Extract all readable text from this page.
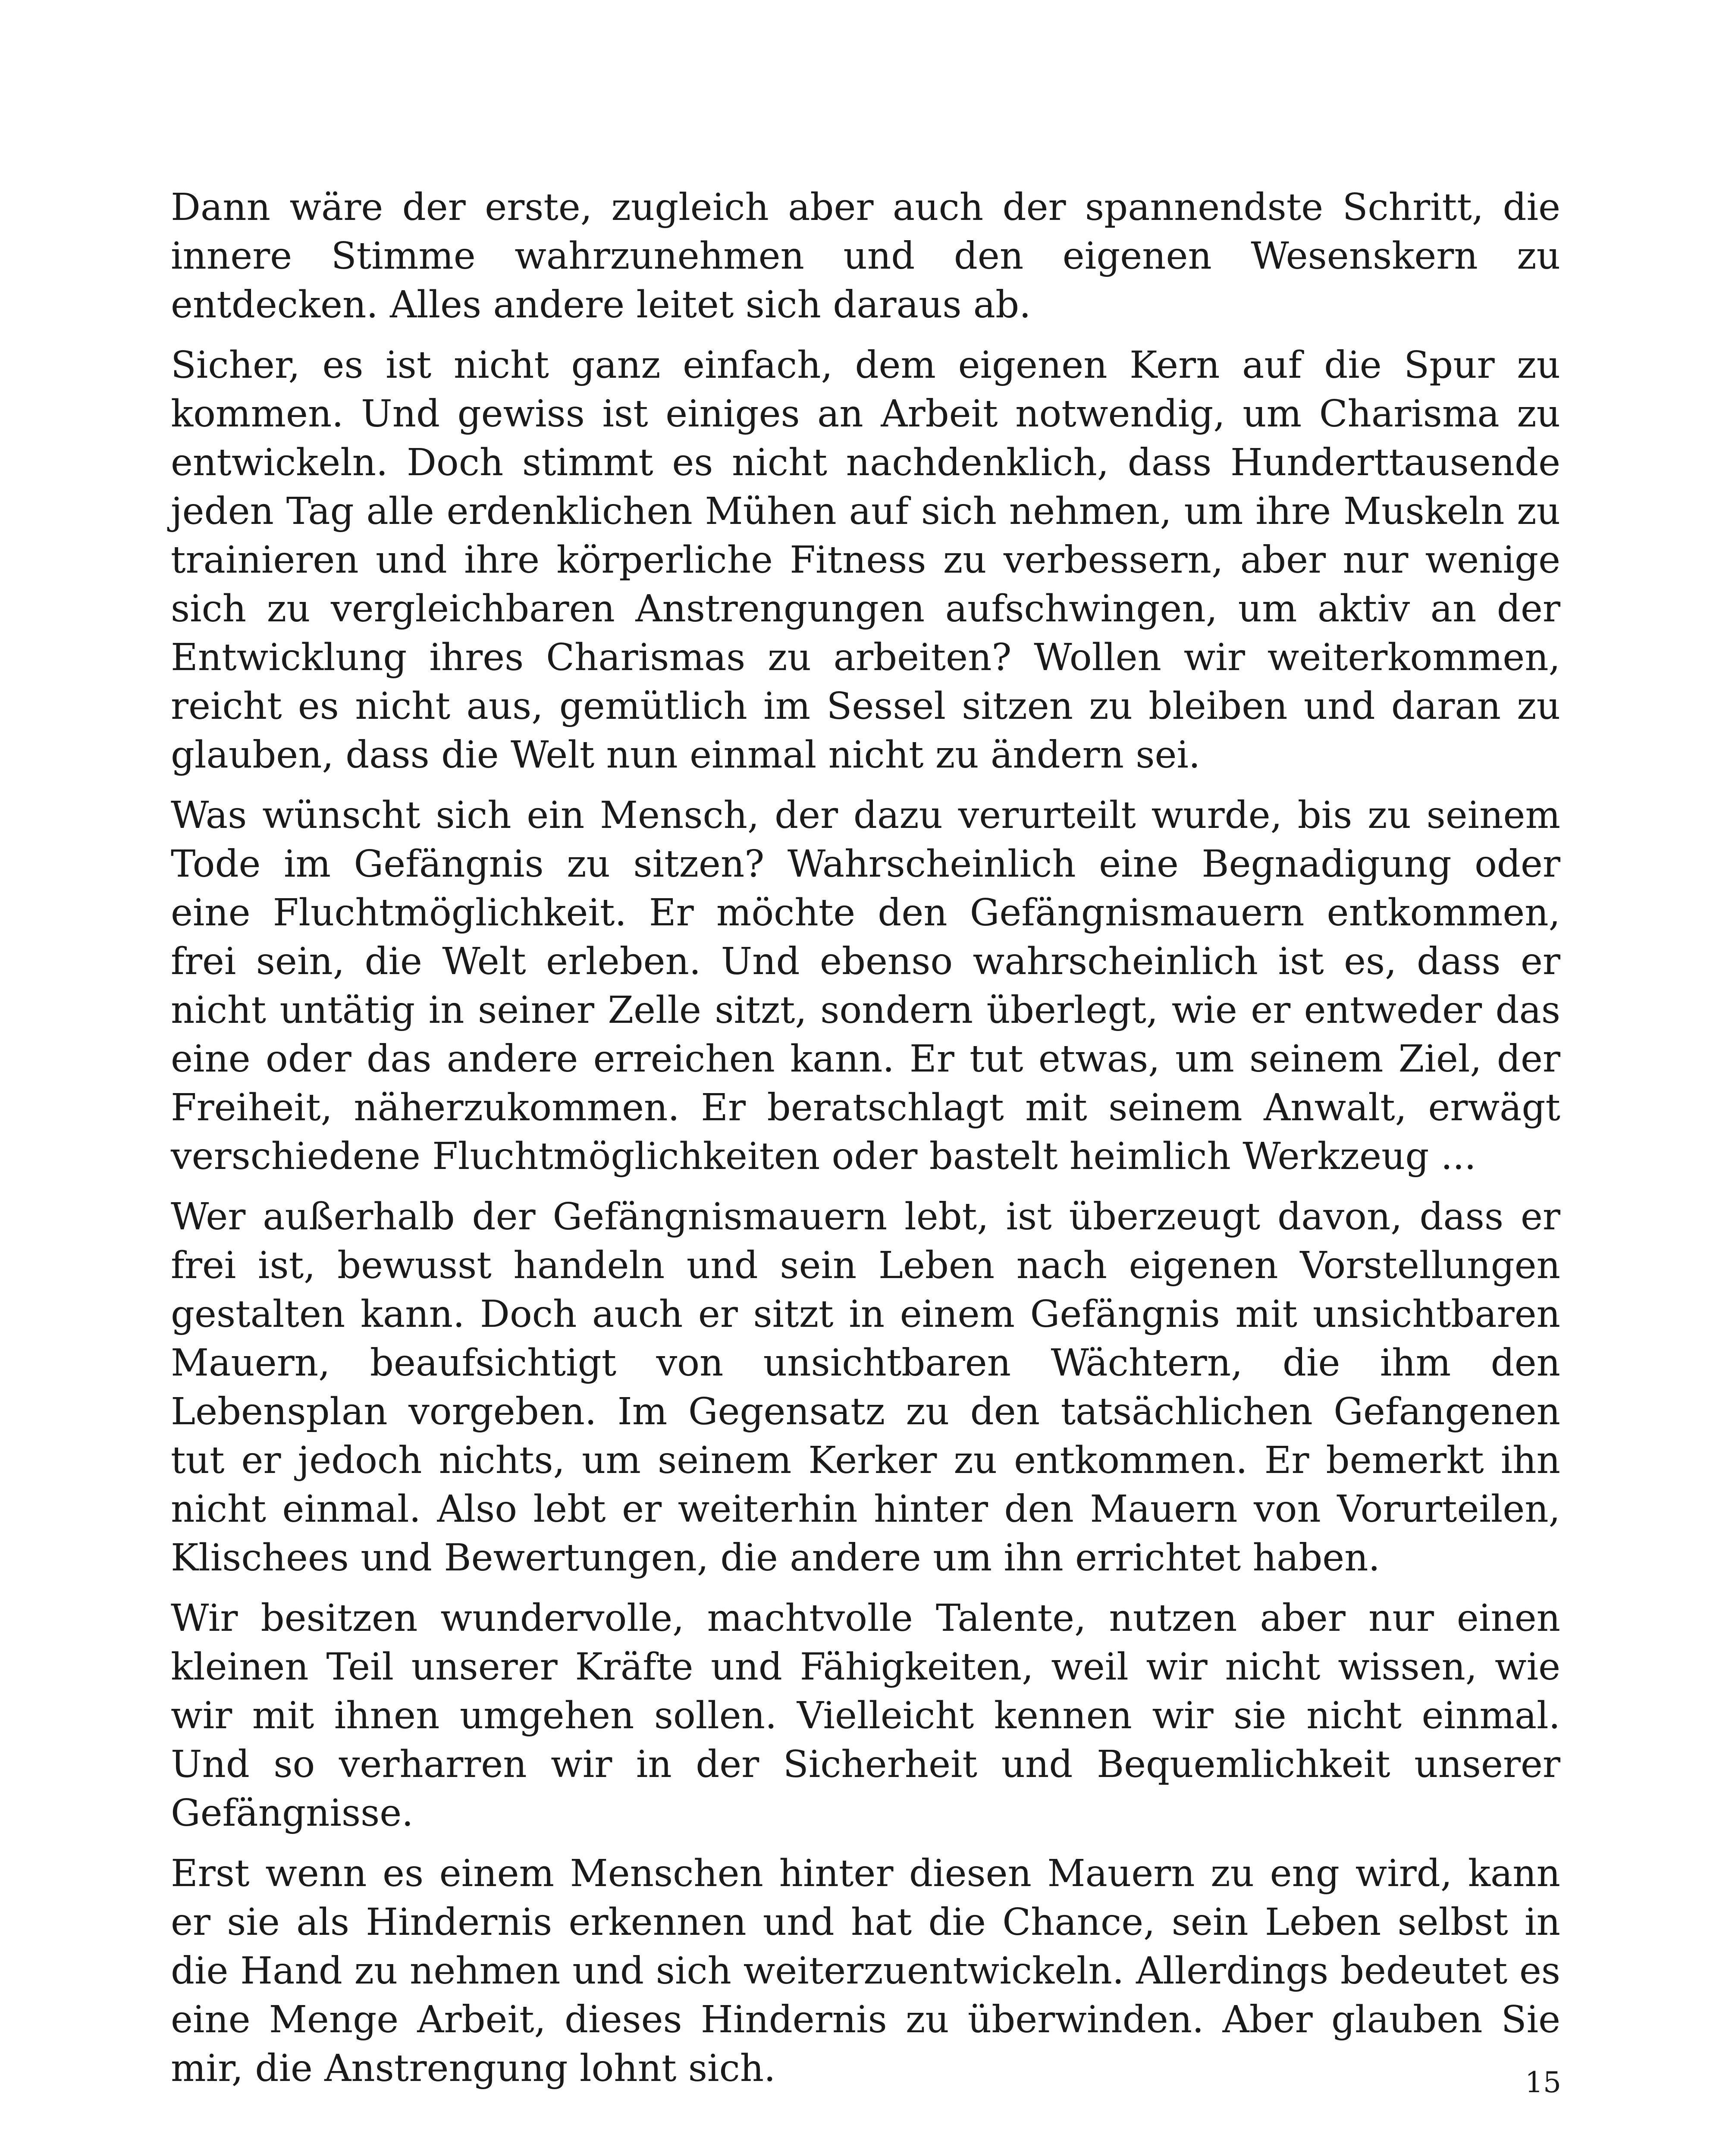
Dann wäre der erste, zugleich aber auch der spannendste Schritt, die innere Stimme wahrzunehmen und den eigenen Wesenskern zu entdecken. Alles andere leitet sich daraus ab.

Sicher, es ist nicht ganz einfach, dem eigenen Kern auf die Spur zu kommen. Und gewiss ist einiges an Arbeit notwendig, um Charisma zu entwickeln. Doch stimmt es nicht nachdenklich, dass Hunderttausende jeden Tag alle erdenklichen Mühen auf sich nehmen, um ihre Muskeln zu trainieren und ihre körperliche Fitness zu verbessern, aber nur wenige sich zu vergleichbaren Anstrengungen aufschwingen, um aktiv an der Entwicklung ihres Charismas zu arbeiten? Wollen wir weiterkommen, reicht es nicht aus, gemütlich im Sessel sitzen zu bleiben und daran zu glauben, dass die Welt nun einmal nicht zu ändern sei.

Was wünscht sich ein Mensch, der dazu verurteilt wurde, bis zu seinem Tode im Gefängnis zu sitzen? Wahrscheinlich eine Begnadigung oder eine Fluchtmöglichkeit. Er möchte den Gefängnismauern entkommen, frei sein, die Welt erleben. Und ebenso wahrscheinlich ist es, dass er nicht untätig in seiner Zelle sitzt, sondern überlegt, wie er entweder das eine oder das andere erreichen kann. Er tut etwas, um seinem Ziel, der Freiheit, näherzukommen. Er beratschlagt mit seinem Anwalt, erwägt verschiedene Fluchtmöglichkeiten oder bastelt heimlich Werkzeug ...

Wer außerhalb der Gefängnismauern lebt, ist überzeugt davon, dass er frei ist, bewusst handeln und sein Leben nach eigenen Vorstellungen gestalten kann. Doch auch er sitzt in einem Gefängnis mit unsichtbaren Mauern, beaufsichtigt von unsichtbaren Wächtern, die ihm den Lebensplan vorgeben. Im Gegensatz zu den tatsächlichen Gefangenen tut er jedoch nichts, um seinem Kerker zu entkommen. Er bemerkt ihn nicht einmal. Also lebt er weiterhin hinter den Mauern von Vorurteilen, Klischees und Bewertungen, die andere um ihn errichtet haben.

Wir besitzen wundervolle, machtvolle Talente, nutzen aber nur einen kleinen Teil unserer Kräfte und Fähigkeiten, weil wir nicht wissen, wie wir mit ihnen umgehen sollen. Vielleicht kennen wir sie nicht einmal. Und so verharren wir in der Sicherheit und Bequemlichkeit unserer Gefängnisse.

Erst wenn es einem Menschen hinter diesen Mauern zu eng wird, kann er sie als Hindernis erkennen und hat die Chance, sein Leben selbst in die Hand zu nehmen und sich weiterzuentwickeln. Allerdings bedeutet es eine Menge Arbeit, dieses Hindernis zu überwinden. Aber glauben Sie mir, die Anstrengung lohnt sich.	15
